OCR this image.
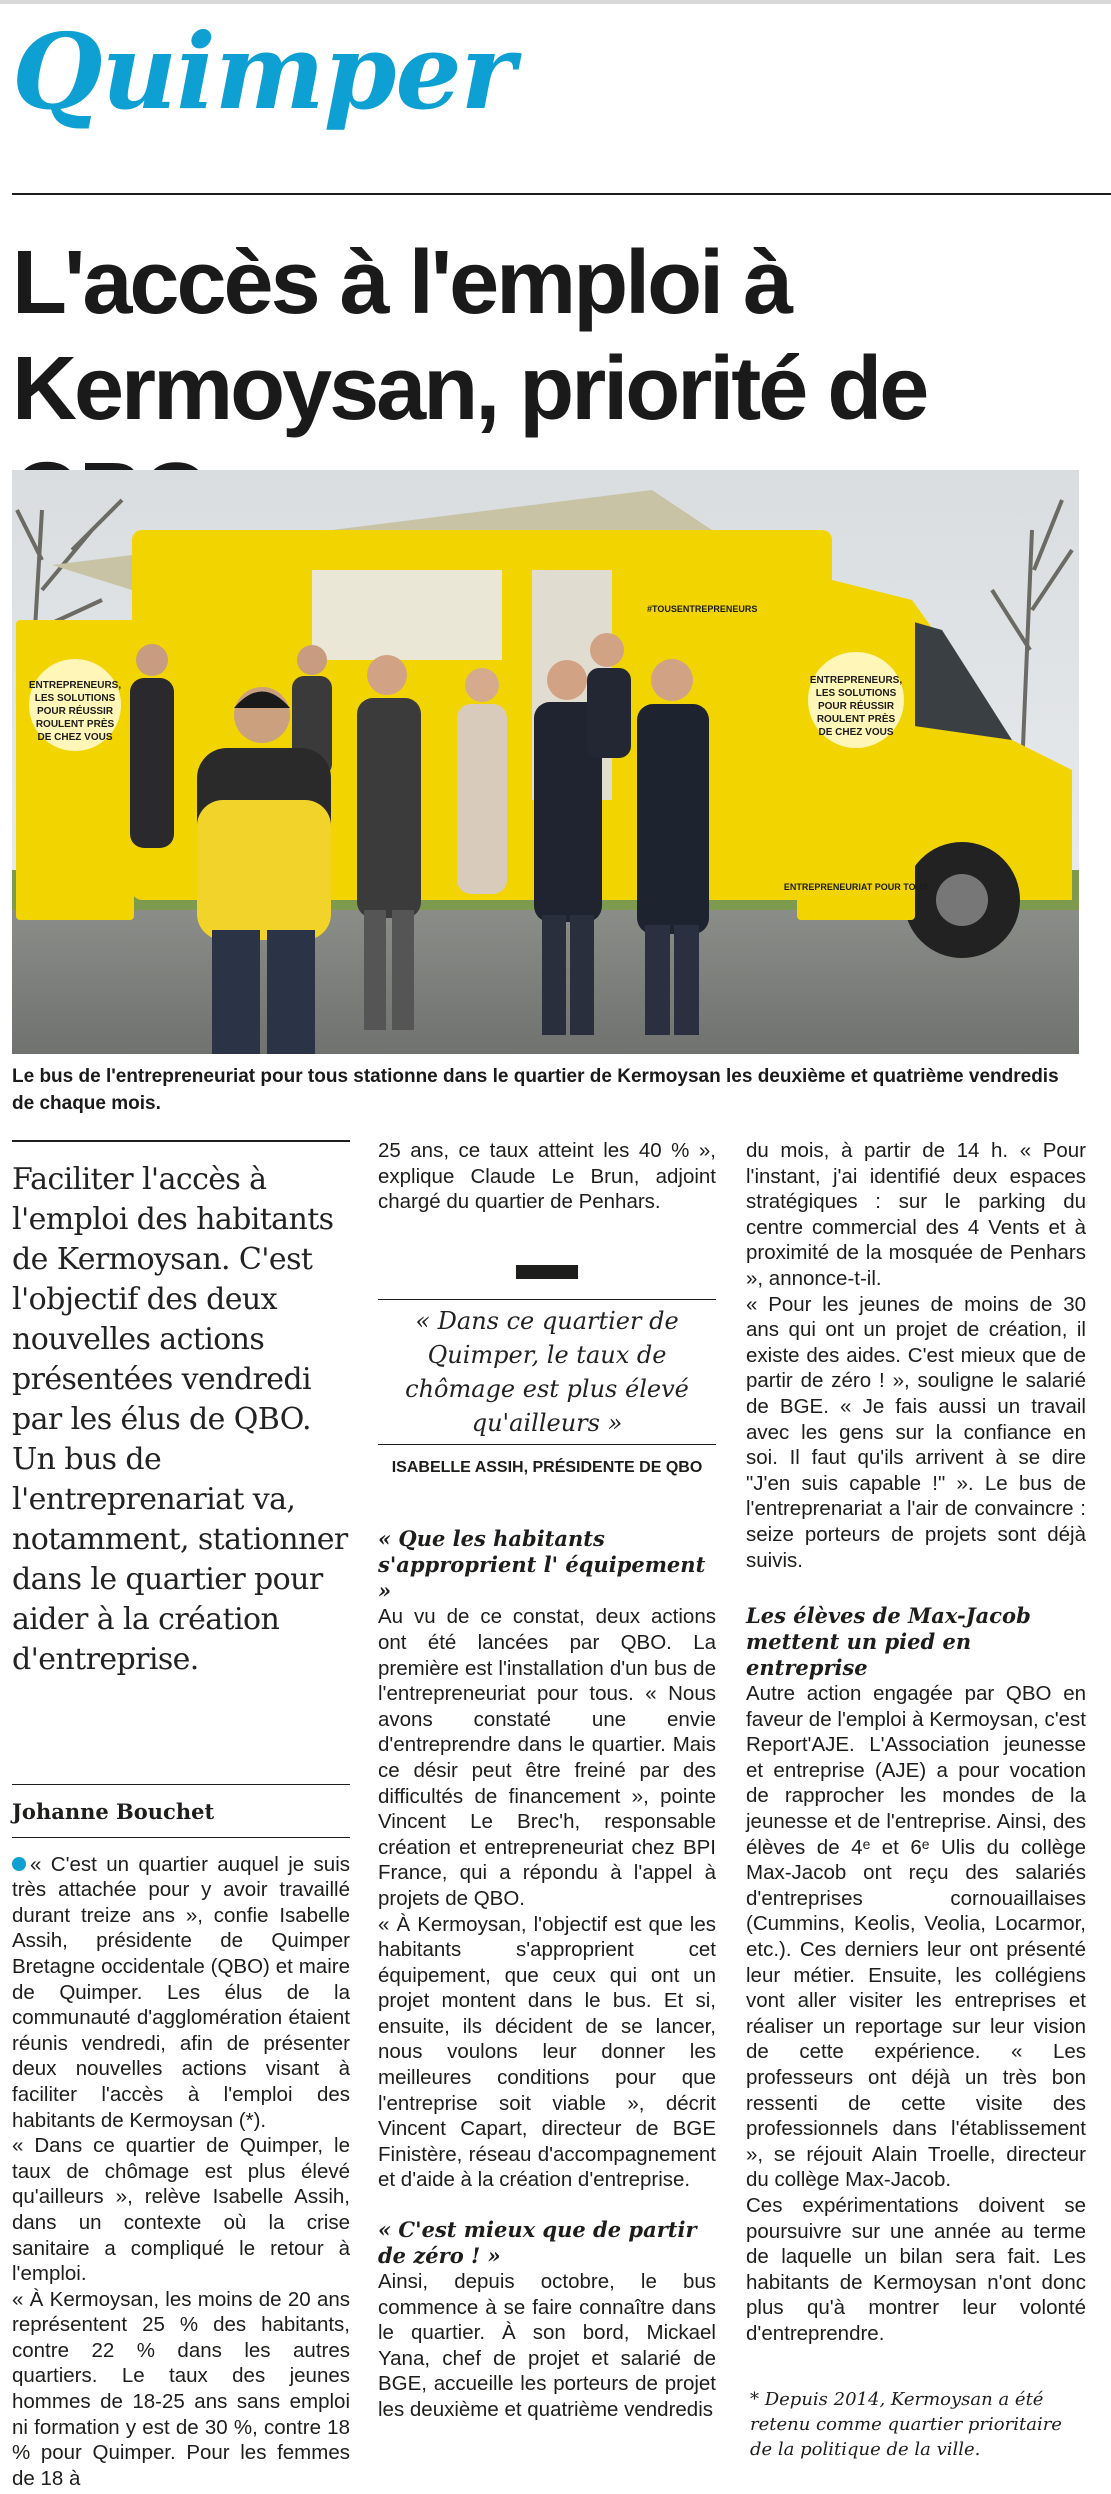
Quimper
L'accès à l'emploi à Kermoysan, priorité de
#TOUSENTREPRENEURS
ENTREPRENEURS,
LES SOLUTIONS
POUR RÉUSSIR
ROULENT PRÈS
DE CHEZ VOUS
ENTREPRENEURS,
LES SOLUTIONS
POUR RÉUSSIR
ROULENT PRÈS
DE CHEZ VOUS
ENTREPRENEURIAT POUR TOUS

Le bus de l'entrepreneuriat pour tous stationne dans le quartier de Kermoysan les deuxième et quatrième vendredis de chaque mois.

Faciliter l'accès à l'emploi des habitants de Kermoysan. C'est l'objectif des deux nouvelles actions présentées vendredi par les élus de QBO. Un bus de l'entreprenariat va, notamment, stationner dans le quartier pour aider à la création d'entreprise.

Johanne Bouchet

« C'est un quartier auquel je suis très attachée pour y avoir travaillé durant treize ans », confie Isabelle Assih, présidente de Quimper Bretagne occidentale (QBO) et maire de Quimper. Les élus de la communauté d'agglomération étaient réunis vendredi, afin de présenter deux nouvelles actions visant à faciliter l'accès à l'emploi des habitants de Kermoysan (*).

« Dans ce quartier de Quimper, le taux de chômage est plus élevé qu'ailleurs », relève Isabelle Assih, dans un contexte où la crise sanitaire a compliqué le retour à l'emploi.

« À Kermoysan, les moins de 20 ans représentent 25 % des habitants, contre 22 % dans les autres quartiers. Le taux des jeunes hommes de 18-25 ans sans emploi ni formation y est de 30 %, contre 18 % pour Quimper. Pour les femmes de 18 à

25 ans, ce taux atteint les 40 % », explique Claude Le Brun, adjoint chargé du quartier de Penhars.

« Dans ce quartier de Quimper, le taux de chômage est plus élevé qu'ailleurs »

ISABELLE ASSIH, PRÉSIDENTE DE QBO

« Que les habitants s'approprient l' équipement »

Au vu de ce constat, deux actions ont été lancées par QBO. La première est l'installation d'un bus de l'entrepreneuriat pour tous. « Nous avons constaté une envie d'entreprendre dans le quartier. Mais ce désir peut être freiné par des difficultés de financement », pointe Vincent Le Brec'h, responsable création et entrepreneuriat chez BPI France, qui a répondu à l'appel à projets de QBO.

« À Kermoysan, l'objectif est que les habitants s'approprient cet équipement, que ceux qui ont un projet montent dans le bus. Et si, ensuite, ils décident de se lancer, nous voulons leur donner les meilleures conditions pour que l'entreprise soit viable », décrit Vincent Capart, directeur de BGE Finistère, réseau d'accompagnement et d'aide à la création d'entreprise.

« C'est mieux que de partir de zéro ! »

Ainsi, depuis octobre, le bus commence à se faire connaître dans le quartier. À son bord, Mickael Yana, chef de projet et salarié de BGE, accueille les porteurs de projet les deuxième et quatrième vendredis

du mois, à partir de 14 h. « Pour l'instant, j'ai identifié deux espaces stratégiques : sur le parking du centre commercial des 4 Vents et à proximité de la mosquée de Penhars », annonce-t-il.

« Pour les jeunes de moins de 30 ans qui ont un projet de création, il existe des aides. C'est mieux que de partir de zéro ! », souligne le salarié de BGE. « Je fais aussi un travail avec les gens sur la confiance en soi. Il faut qu'ils arrivent à se dire "J'en suis capable !" ». Le bus de l'entreprenariat a l'air de convaincre : seize porteurs de projets sont déjà suivis.

Les élèves de Max-Jacob mettent un pied en entreprise

Autre action engagée par QBO en faveur de l'emploi à Kermoysan, c'est Report'AJE. L'Association jeunesse et entreprise (AJE) a pour vocation de rapprocher les mondes de la jeunesse et de l'entreprise. Ainsi, des élèves de 4ᵉ et 6ᵉ Ulis du collège Max-Jacob ont reçu des salariés d'entreprises cornouaillaises (Cummins, Keolis, Veolia, Locarmor, etc.). Ces derniers leur ont présenté leur métier. Ensuite, les collégiens vont aller visiter les entreprises et réaliser un reportage sur leur vision de cette expérience. « Les professeurs ont déjà un très bon ressenti de cette visite des professionnels dans l'établissement », se réjouit Alain Troelle, directeur du collège Max-Jacob.

Ces expérimentations doivent se poursuivre sur une année au terme de laquelle un bilan sera fait. Les habitants de Kermoysan n'ont donc plus qu'à montrer leur volonté d'entreprendre.

* Depuis 2014, Kermoysan a été retenu comme quartier prioritaire de la politique de la ville.
